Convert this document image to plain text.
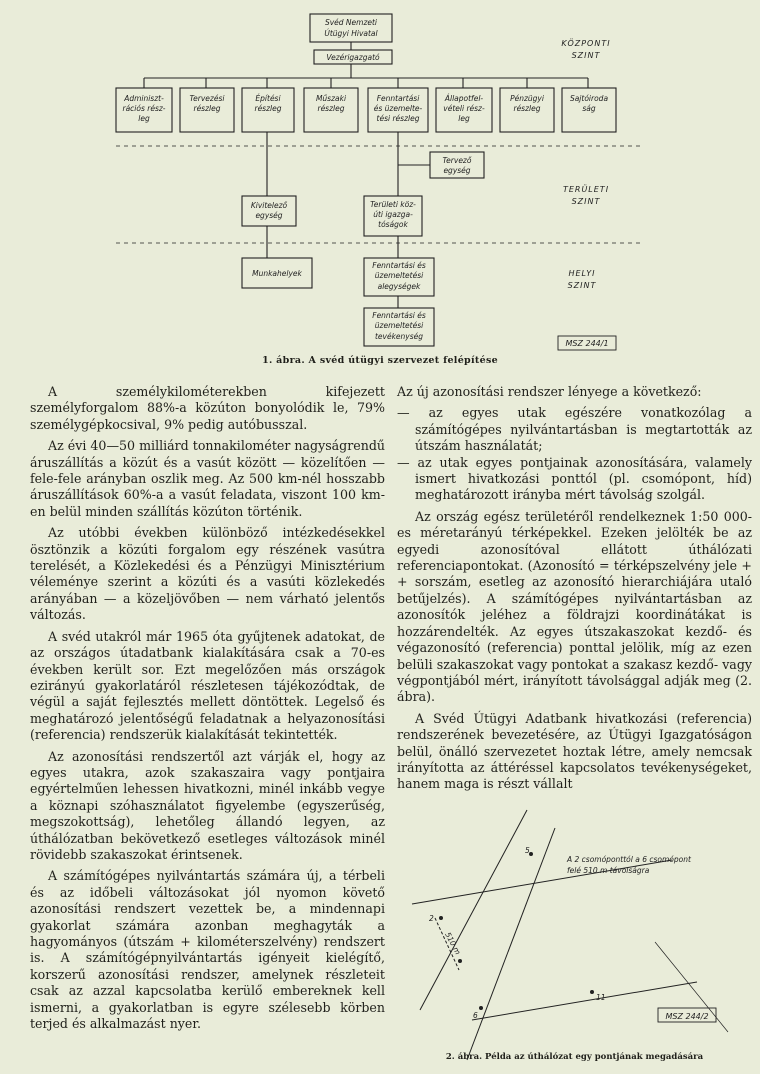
Svéd Nemzeti
Útügyi Hivatal
Vezérigazgató
Adminiszt-
rációs rész-
leg
Tervezési
részleg
Építési
részleg
Műszaki
részleg
Fenntartási
és üzemelte-
tési részleg
Állapotfel-
vételi rész-
leg
Pénzügyi
részleg
Sajtóiroda
ság
Tervező
egység
Kivitelező
egység
Területi köz-
úti igazga-
tóságok
Munkahelyek
Fenntartási és
üzemeltetési
alegységek
Fenntartási és
üzemeltetési
tevékenység
MSZ 244/1
KÖZPONTI
SZINT
TERÜLETI
SZINT
HELYI
SZINT
1. ábra. A svéd útügyi szervezet felépítése

A személykilométerekben kifejezett személyforgalom 88%-a közúton bonyolódik le, 79% személygépkocsival, 9% pedig autóbusszal.

Az évi 40—50 milliárd tonnakilométer nagyságrendű áruszállítás a közút és a vasút között — közelítően — fele-fele arányban oszlik meg. Az 500 km-nél hosszabb áruszállítások 60%-a a vasút feladata, viszont 100 km-en belül minden szállítás közúton történik.

Az utóbbi években különböző intézkedésekkel ösztönzik a közúti forgalom egy részének vasútra terelését, a Közlekedési és a Pénzügyi Minisztérium véleménye szerint a közúti és a vasúti közlekedés arányában — a közeljövőben — nem várható jelentős változás.

A svéd utakról már 1965 óta gyűjtenek adatokat, de az országos útadatbank kialakítására csak a 70-es években került sor. Ezt megelőzően más országok ezirányú gyakorlatáról részletesen tájékozódtak, de végül a saját fejlesztés mellett döntöttek. Legelső és meghatározó jelentőségű feladatnak a helyazonosítási (referencia) rendszerük kialakítását tekintették.

Az azonosítási rendszertől azt várják el, hogy az egyes utakra, azok szakaszaira vagy pontjaira egyértelműen lehessen hivatkozni, minél inkább vegye a köznapi szóhasználatot figyelembe (egyszerűség, megszokottság), lehetőleg állandó legyen, az úthálózatban bekövetkező esetleges változások minél rövidebb szakaszokat érintsenek.

A számítógépes nyilvántartás számára új, a térbeli és az időbeli változásokat jól nyomon követő azonosítási rendszert vezettek be, a mindennapi gyakorlat számára azonban meghagyták a hagyományos (útszám + kilométerszelvény) rendszert is. A számítógépnyilvántartás igényeit kielégítő, korszerű azonosítási rendszer, amelynek részleteit csak az azzal kapcsolatba kerülő embereknek kell ismerni, a gyakorlatban is egyre szélesebb körben terjed és alkalmazást nyer.

Az új azonosítási rendszer lényege a következő:

— az egyes utak egészére vonatkozólag a számítógépes nyilvántartásban is megtartották az útszám használatát;

— az utak egyes pontjainak azonosítására, valamely ismert hivatkozási ponttól (pl. csomópont, híd) meghatározott irányba mért távolság szolgál.

Az ország egész területéről rendelkeznek 1:50 000-es méretarányú térképekkel. Ezeken jelölték be az egyedi azonosítóval ellátott úthálózati referenciapontokat. (Azonosító = térképszelvény jele + + sorszám, esetleg az azonosító hierarchiájára utaló betűjelzés). A számítógépes nyilvántartásban az azonosítók jeléhez a földrajzi koordinátákat is hozzárendelték. Az egyes útszakaszokat kezdő- és végazonosító (referencia) ponttal jelölik, míg az ezen belüli szakaszokat vagy pontokat a szakasz kezdő- vagy végpontjából mért, irányított távolsággal adják meg (2. ábra).

A Svéd Útügyi Adatbank hivatkozási (referencia) rendszerének bevezetésére, az Útügyi Igazgatóságon belül, önálló szervezetet hoztak létre, amely nemcsak irányította az áttéréssel kapcsolatos tevékenységeket, hanem maga is részt vállalt

5
2
11
6
510 m
A 2 csomóponttól a 6 csomópont
felé 510 m távolságra
MSZ 244/2
2. ábra. Példa az úthálózat egy pontjának megadására
